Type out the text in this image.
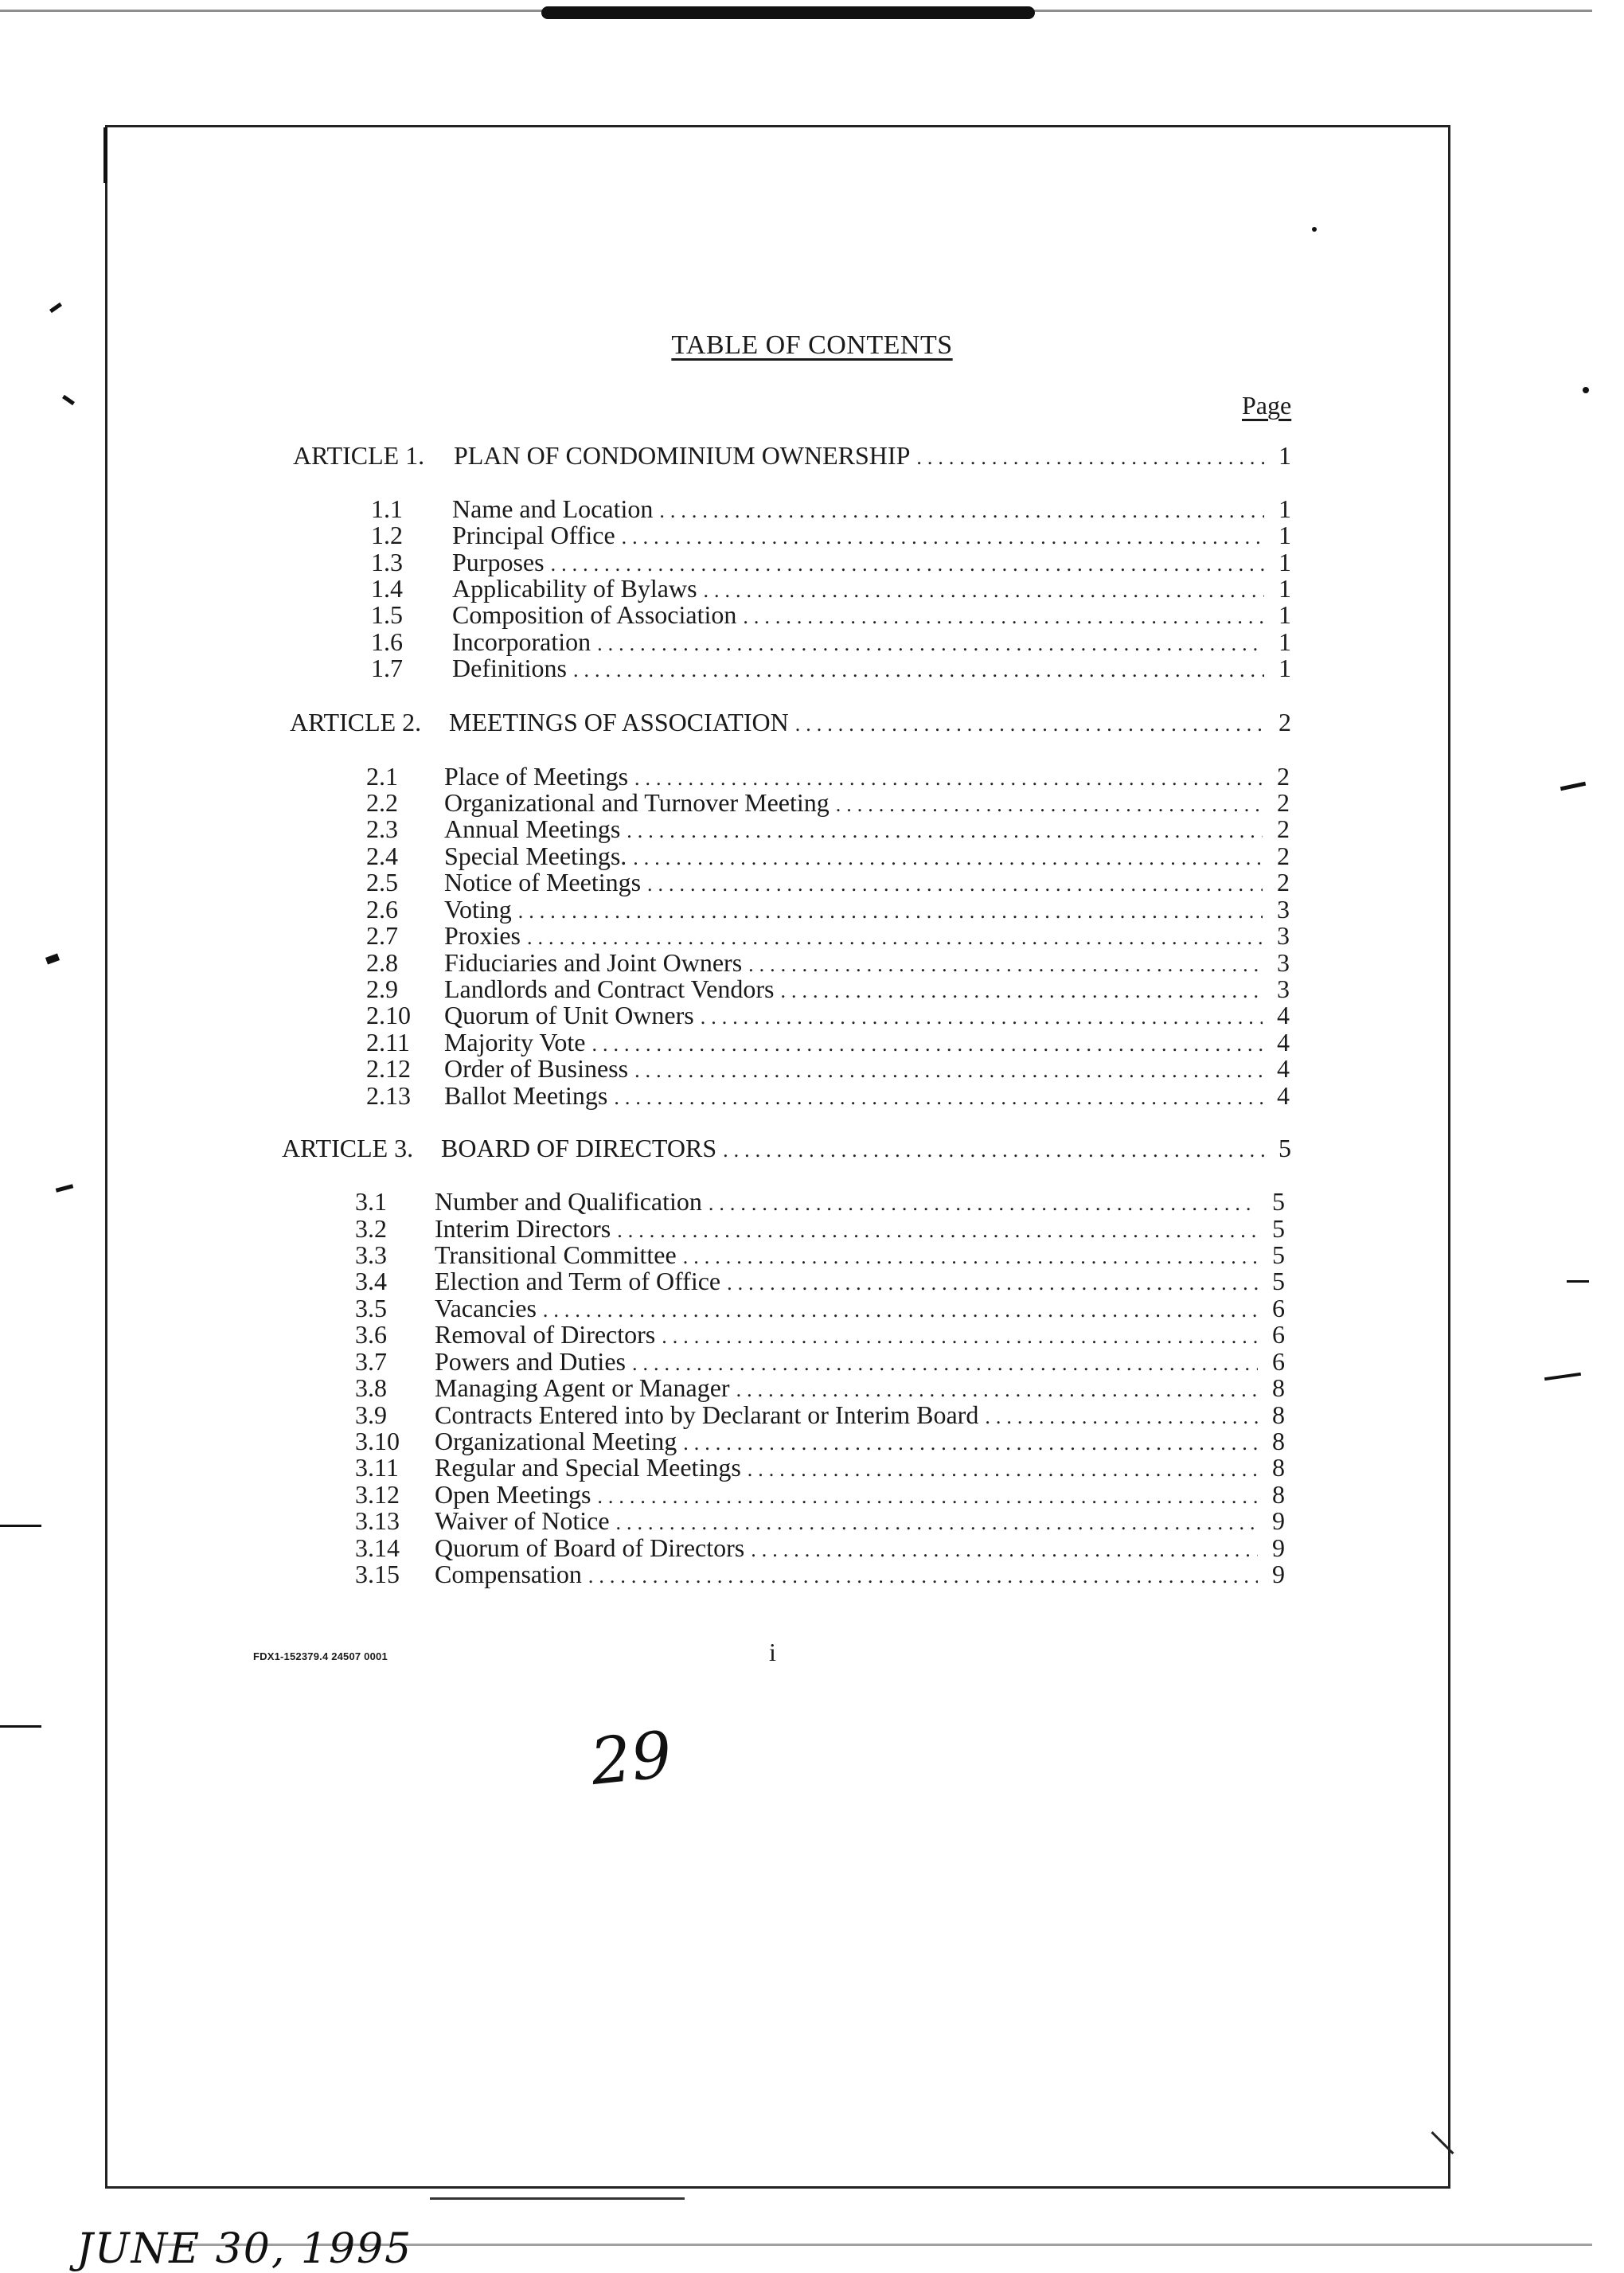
TABLE OF CONTENTS
Page
ARTICLE 1.	PLAN OF CONDOMINIUM OWNERSHIP .....	1
1.1	Name and Location .....	1
1.2	Principal Office .....	1
1.3	Purposes .....	1
1.4	Applicability of Bylaws .....	1
1.5	Composition of Association .....	1
1.6	Incorporation .....	1
1.7	Definitions .....	1
ARTICLE 2.	MEETINGS OF ASSOCIATION .....	2
2.1	Place of Meetings .....	2
2.2	Organizational and Turnover Meeting .....	2
2.3	Annual Meetings .....	2
2.4	Special Meetings. .....	2
2.5	Notice of Meetings .....	2
2.6	Voting .....	3
2.7	Proxies .....	3
2.8	Fiduciaries and Joint Owners .....	3
2.9	Landlords and Contract Vendors .....	3
2.10	Quorum of Unit Owners .....	4
2.11	Majority Vote .....	4
2.12	Order of Business .....	4
2.13	Ballot Meetings .....	4
ARTICLE 3.	BOARD OF DIRECTORS .....	5
3.1	Number and Qualification .....	5
3.2	Interim Directors .....	5
3.3	Transitional Committee .....	5
3.4	Election and Term of Office .....	5
3.5	Vacancies .....	6
3.6	Removal of Directors .....	6
3.7	Powers and Duties .....	6
3.8	Managing Agent or Manager .....	8
3.9	Contracts Entered into by Declarant or Interim Board .....	8
3.10	Organizational Meeting .....	8
3.11	Regular and Special Meetings .....	8
3.12	Open Meetings .....	8
3.13	Waiver of Notice .....	9
3.14	Quorum of Board of Directors .....	9
3.15	Compensation .....	9
FDX1-152379.4 24507 0001	i
29
JUNE 30, 1995
